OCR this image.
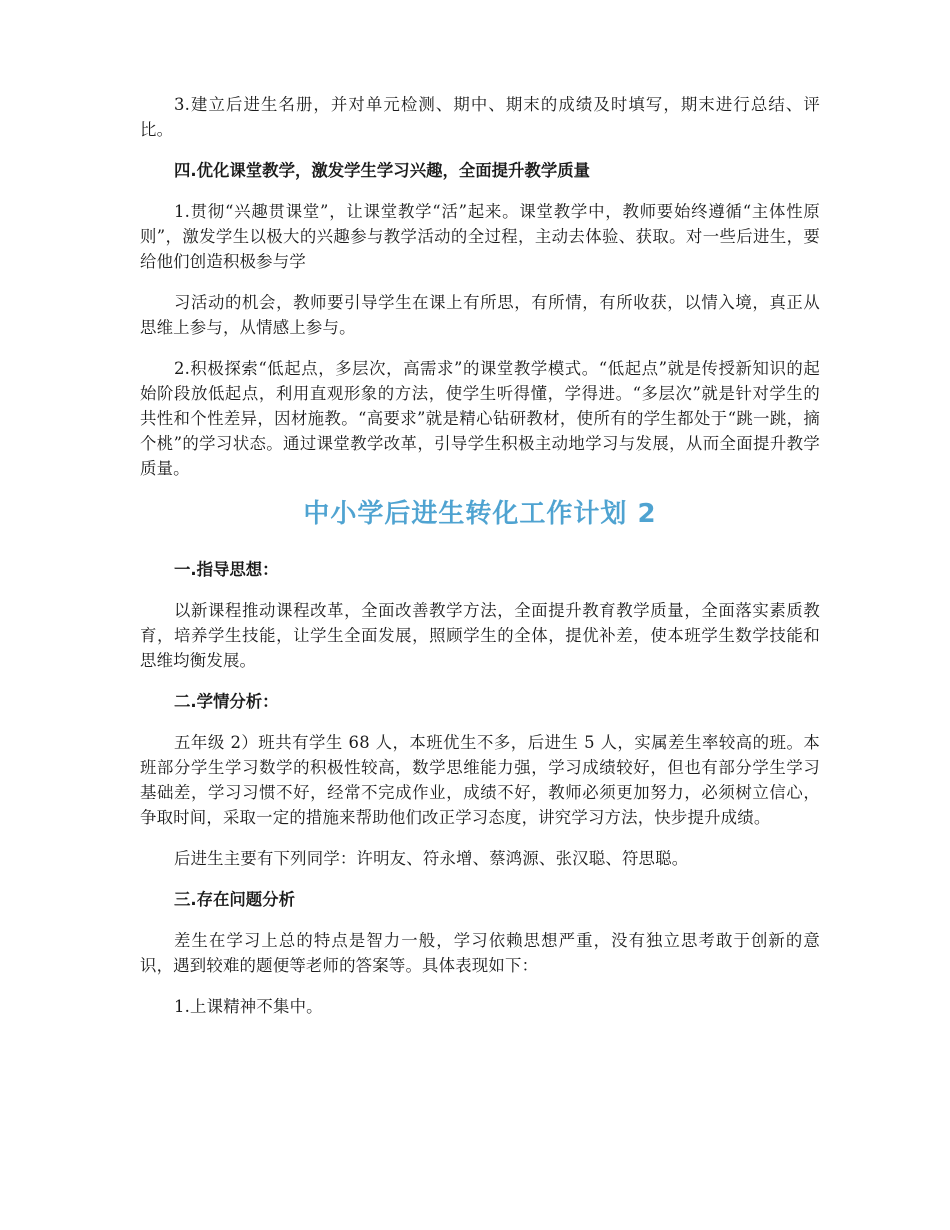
3.建立后进生名册，并对单元检测、期中、期末的成绩及时填写，期末进行总结、评比。

四.优化课堂教学，激发学生学习兴趣，全面提升教学质量

1.贯彻“兴趣贯课堂”，让课堂教学“活”起来。课堂教学中，教师要始终遵循“主体性原则”，激发学生以极大的兴趣参与教学活动的全过程，主动去体验、获取。对一些后进生，要给他们创造积极参与学

习活动的机会，教师要引导学生在课上有所思，有所情，有所收获，以情入境，真正从思维上参与，从情感上参与。

2.积极探索“低起点，多层次，高需求”的课堂教学模式。“低起点”就是传授新知识的起始阶段放低起点，利用直观形象的方法，使学生听得懂，学得进。“多层次”就是针对学生的共性和个性差异，因材施教。“高要求”就是精心钻研教材，使所有的学生都处于“跳一跳，摘个桃”的学习状态。通过课堂教学改革，引导学生积极主动地学习与发展，从而全面提升教学质量。

中小学后进生转化工作计划 2

一.指导思想：

以新课程推动课程改革，全面改善教学方法，全面提升教育教学质量，全面落实素质教育，培养学生技能，让学生全面发展，照顾学生的全体，提优补差，使本班学生数学技能和思维均衡发展。

二.学情分析：

五年级 2）班共有学生 68 人，本班优生不多，后进生 5 人，实属差生率较高的班。本班部分学生学习数学的积极性较高，数学思维能力强，学习成绩较好，但也有部分学生学习基础差，学习习惯不好，经常不完成作业，成绩不好，教师必须更加努力，必须树立信心，争取时间，采取一定的措施来帮助他们改正学习态度，讲究学习方法，快步提升成绩。

后进生主要有下列同学：许明友、符永增、蔡鸿源、张汉聪、符思聪。

三.存在问题分析

差生在学习上总的特点是智力一般，学习依赖思想严重，没有独立思考敢于创新的意识，遇到较难的题便等老师的答案等。具体表现如下：

1.上课精神不集中。
